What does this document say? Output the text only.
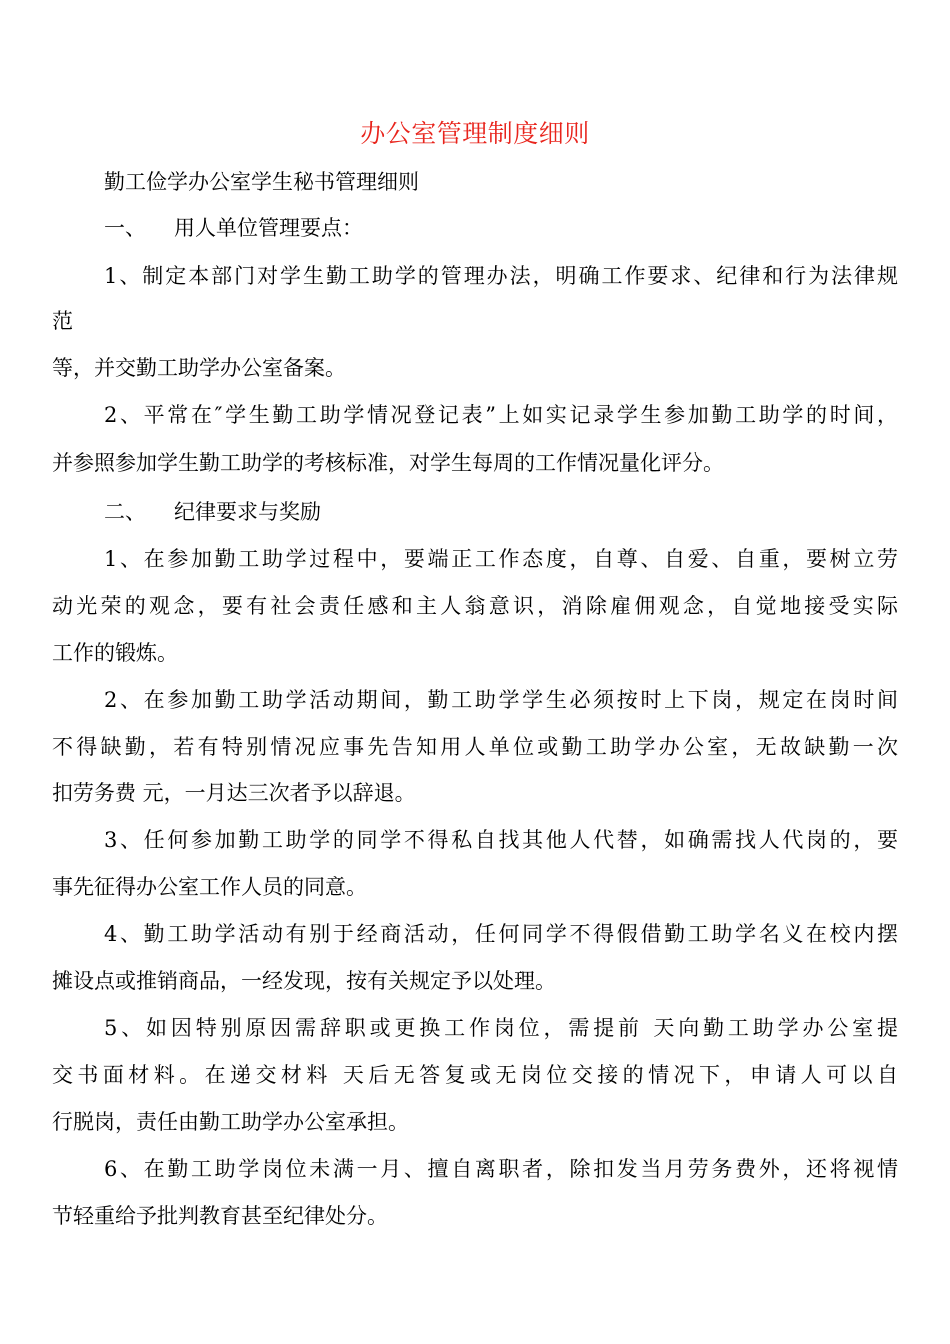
办公室管理制度细则
勤工俭学办公室学生秘书管理细则
一、 用人单位管理要点：
1、制定本部门对学生勤工助学的管理办法，明确工作要求、纪律和行为法律规
范
等，并交勤工助学办公室备案。
2、平常在″学生勤工助学情况登记表”上如实记录学生参加勤工助学的时间，
并参照参加学生勤工助学的考核标准，对学生每周的工作情况量化评分。
二、 纪律要求与奖励
1、在参加勤工助学过程中，要端正工作态度，自尊、自爱、自重，要树立劳
动光荣的观念，要有社会责任感和主人翁意识，消除雇佣观念，自觉地接受实际
工作的锻炼。
2、在参加勤工助学活动期间，勤工助学学生必须按时上下岗，规定在岗时间
不得缺勤，若有特别情况应事先告知用人单位或勤工助学办公室，无故缺勤一次
扣劳务费 元，一月达三次者予以辞退。
3、任何参加勤工助学的同学不得私自找其他人代替，如确需找人代岗的，要
事先征得办公室工作人员的同意。
4、勤工助学活动有别于经商活动，任何同学不得假借勤工助学名义在校内摆
摊设点或推销商品，一经发现，按有关规定予以处理。
5、如因特别原因需辞职或更换工作岗位，需提前 天向勤工助学办公室提
交书面材料。在递交材料 天后无答复或无岗位交接的情况下，申请人可以自
行脱岗，责任由勤工助学办公室承担。
6、在勤工助学岗位未满一月、擅自离职者，除扣发当月劳务费外，还将视情
节轻重给予批判教育甚至纪律处分。
